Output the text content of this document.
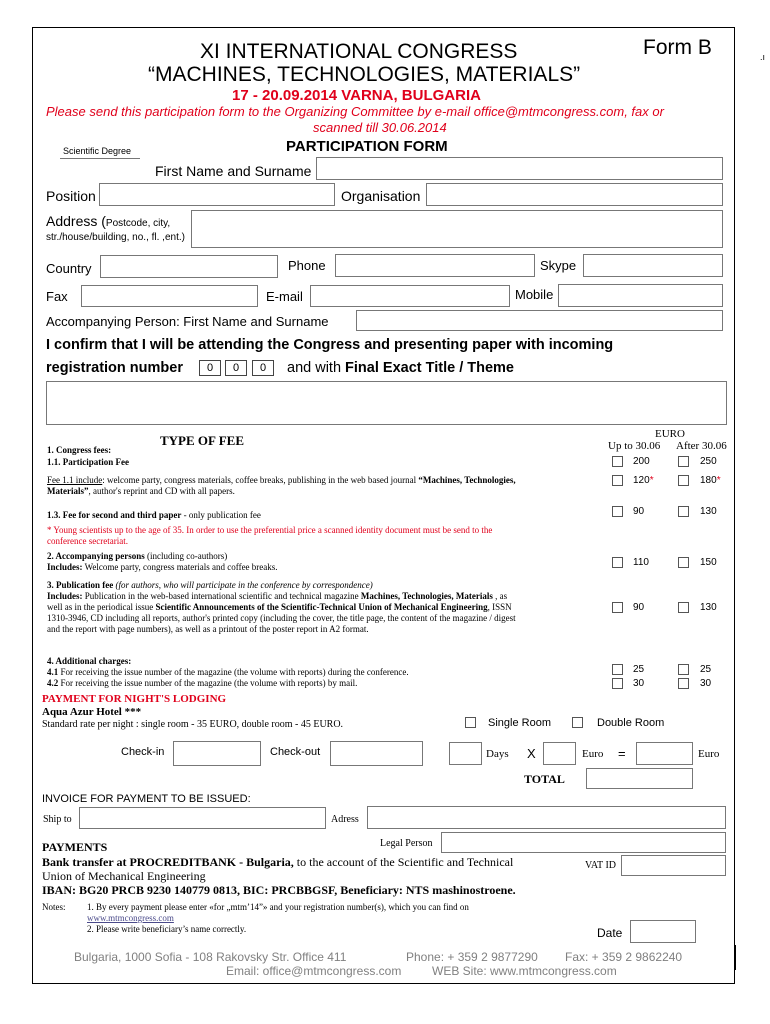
.ı
XI INTERNATIONAL CONGRESS	Form B
“MACHINES, TECHNOLOGIES, MATERIALS”
17 - 20.09.2014 VARNA, BULGARIA
Please send this participation form to the Organizing Committee by e-mail office@mtmcongress.com, fax or
scanned till 30.06.2014
PARTICIPATION FORM
Scientific Degree
First Name and Surname
Position	Organisation
Address (Postcode, city,
str./house/building, no., fl. ,ent.)
Country	Phone	Skype
Fax	E-mail	Mobile
Accompanying Person: First Name and Surname
I confirm that I will be attending the Congress and presenting paper with incoming
registration number	0	0	0	and with Final Exact Title / Theme
TYPE OF FEE	EURO
Up to 30.06 After 30.06
1. Congress fees:
1.1. Participation Fee	200	250
Fee 1.1 include: welcome party, congress materials, coffee breaks, publishing in the web based journal “Machines, Technologies,
Materials”, author's reprint and CD with all papers.
120*	180*
1.3. Fee for second and third paper - only publication fee	90	130
* Young scientists up to the age of 35. In order to use the preferential price a scanned identity document must be send to the
conference secretariat.
2. Accompanying persons (including co-authors)
Includes: Welcome party, congress materials and coffee breaks.	110	150
3. Publication fee (for authors, who will participate in the conference by correspondence)
Includes: Publication in the web-based international scientific and technical magazine Machines, Technologies, Materials , as
well as in the periodical issue Scientific Announcements of the Scientific-Technical Union of Mechanical Engineering, ISSN
1310-3946, CD including all reports, author's printed copy (including the cover, the title page, the content of the magazine / digest
and the report with page numbers), as well as a printout of the poster report in A2 format.
90	130
4. Additional charges:
4.1 For receiving the issue number of the magazine (the volume with reports) during the conference.
4.2 For receiving the issue number of the magazine (the volume with reports) by mail.
25	25
30	30
PAYMENT FOR NIGHT'S LODGING
Aqua Azur Hotel ***
Standard rate per night : single room - 35 EURO, double room - 45 EURO.	Single Room	Double Room
Check-in	Check-out	Days X	Euro =	Euro
TOTAL
INVOICE FOR PAYMENT TO BE ISSUED:
Ship to	Adress
Legal Person
VAT ID
PAYMENTS
Bank transfer at PROCREDITBANK - Bulgaria, to the account of the Scientific and Technical
Union of Mechanical Engineering
IBAN: BG20 PRCB 9230 140779 0813, BIC: PRCBBGSF, Beneficiary: NTS mashinostroene.
Notes: 1. By every payment please enter «for „mtm’14”» and your registration number(s), which you can find on
www.mtmcongress.com
2. Please write beneficiary’s name correctly.	Date
Bulgaria, 1000 Sofia - 108 Rakovsky Str. Office 411	Phone: + 359 2 9877290 Fax: + 359 2 9862240
Email: office@mtmcongress.com	WEB Site: www.mtmcongress.com
